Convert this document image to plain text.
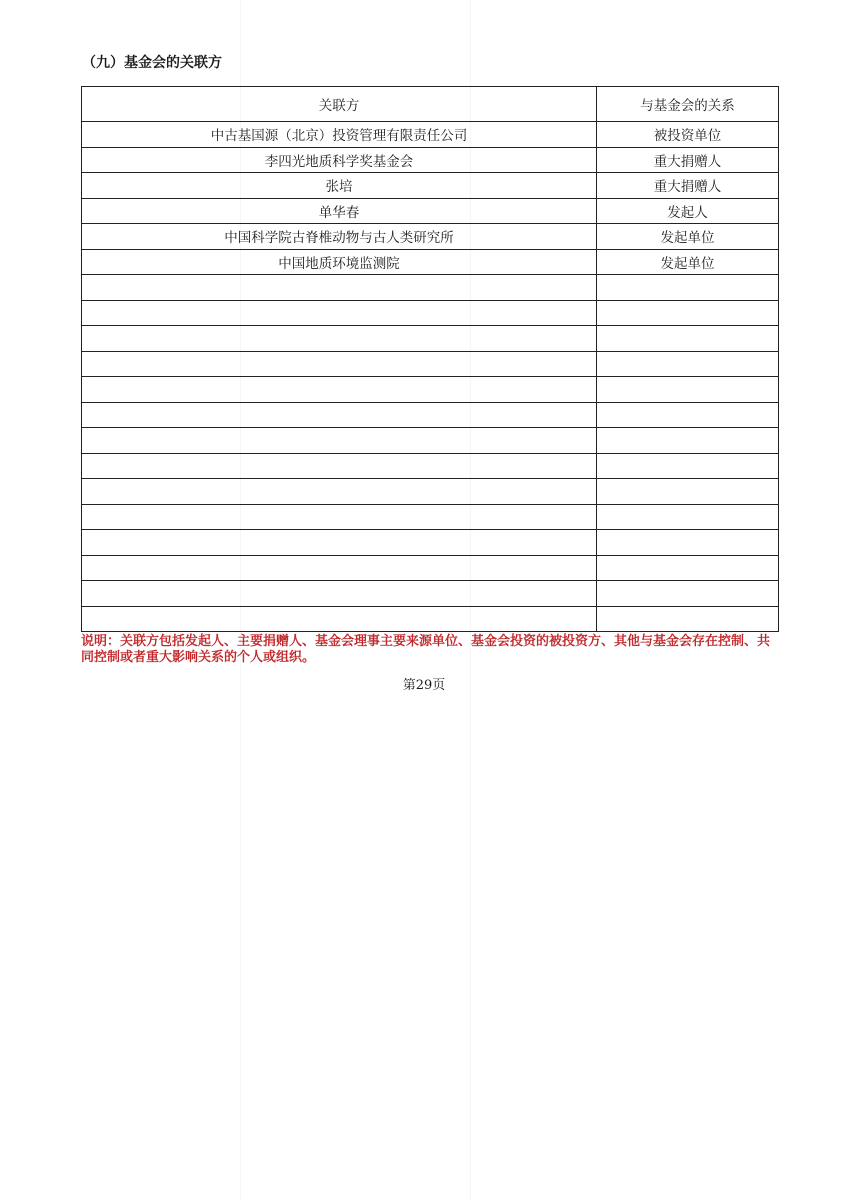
（九）基金会的关联方
关联方	与基金会的关系
中古基国源（北京）投资管理有限责任公司	被投资单位
李四光地质科学奖基金会	重大捐赠人
张培	重大捐赠人
单华春	发起人
中国科学院古脊椎动物与古人类研究所	发起单位
中国地质环境监测院	发起单位

说明：关联方包括发起人、主要捐赠人、基金会理事主要来源单位、基金会投资的被投资方、其他与基金会存在控制、共同控制或者重大影响关系的个人或组织。
第29页
